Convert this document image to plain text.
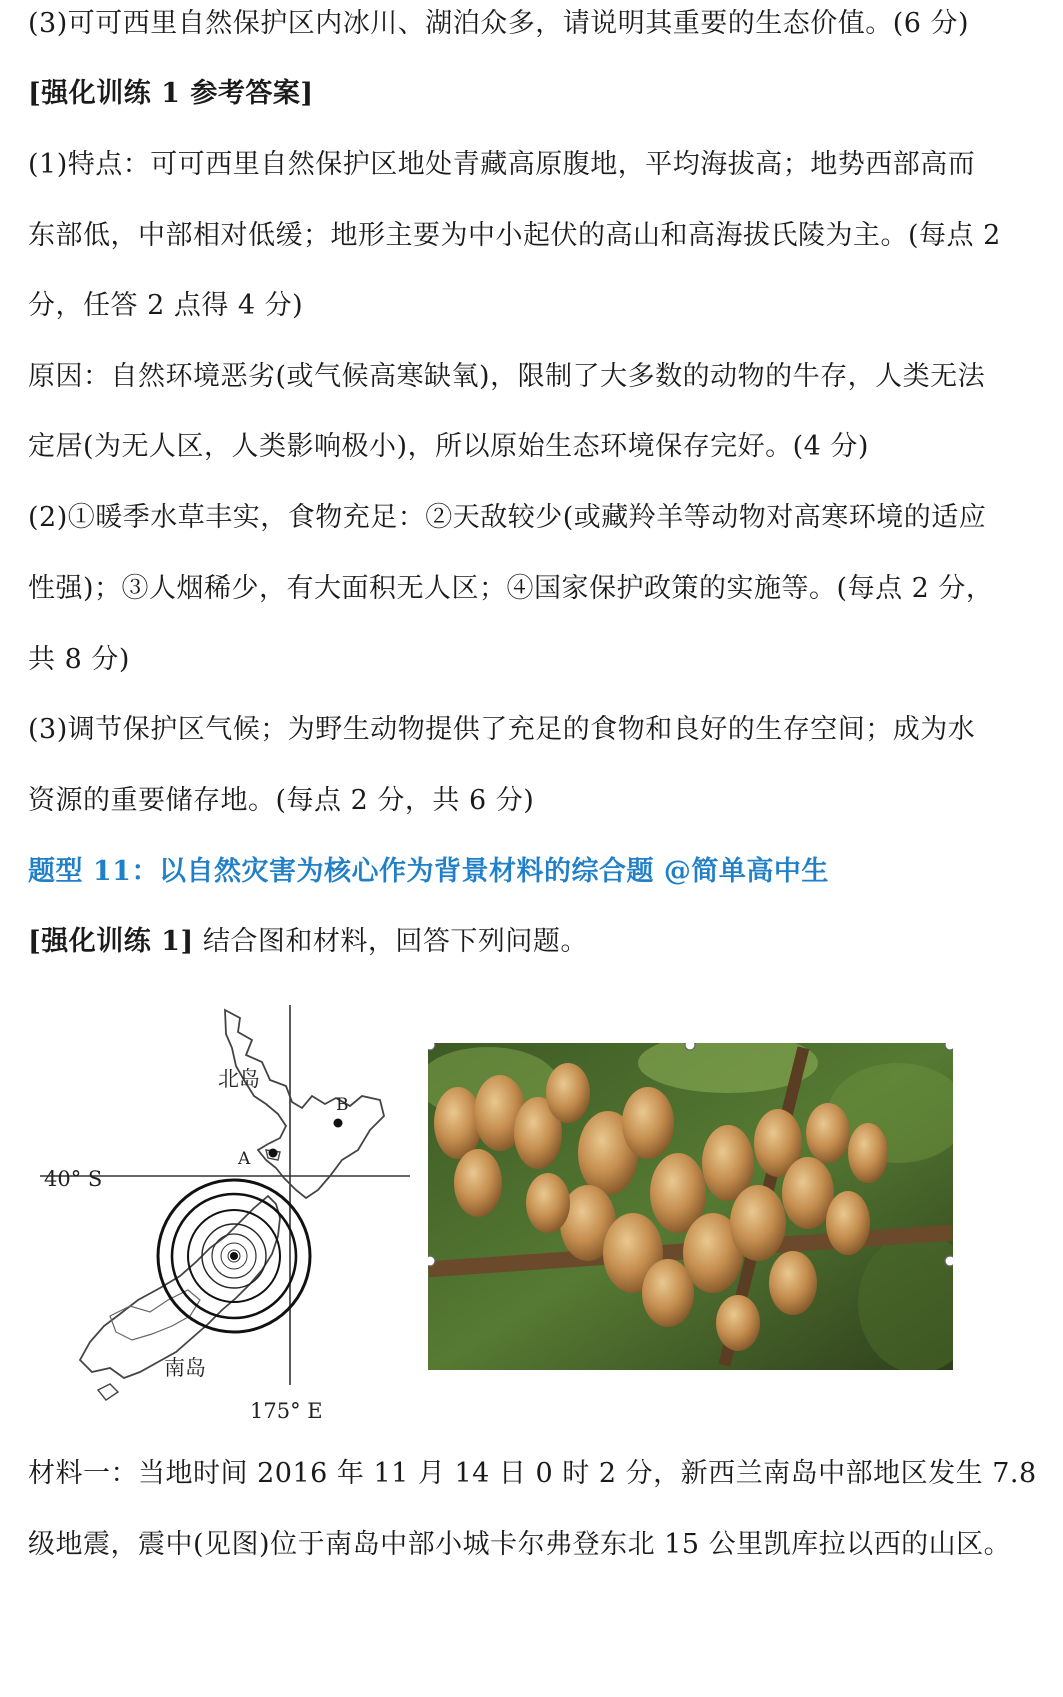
(3)可可西里自然保护区内冰川、湖泊众多，请说明其重要的生态价值。(6 分)
[强化训练 1 参考答案]
(1)特点：可可西里自然保护区地处青藏高原腹地，平均海拔高；地势西部高而
东部低，中部相对低缓；地形主要为中小起伏的高山和高海拔氏陵为主。(每点 2
分，任答 2 点得 4 分)
原因：自然环境恶劣(或气候高寒缺氧)，限制了大多数的动物的牛存，人类无法
定居(为无人区，人类影响极小)，所以原始生态环境保存完好。(4 分)
(2)①暖季水草丰实，食物充足：②天敌较少(或藏羚羊等动物对高寒环境的适应
性强)；③人烟稀少，有大面积无人区；④国家保护政策的实施等。(每点 2 分，
共 8 分)
(3)调节保护区气候；为野生动物提供了充足的食物和良好的生存空间；成为水
资源的重要储存地。(每点 2 分，共 6 分)
题型 11：以自然灾害为核心作为背景材料的综合题 @简单高中生
[强化训练 1] 结合图和材料，回答下列问题。
北岛
南岛
A
B
40° S
175° E
材料一：当地时间 2016 年 11 月 14 日 0 时 2 分，新西兰南岛中部地区发生 7.8
级地震，震中(见图)位于南岛中部小城卡尔弗登东北 15 公里凯库拉以西的山区。
